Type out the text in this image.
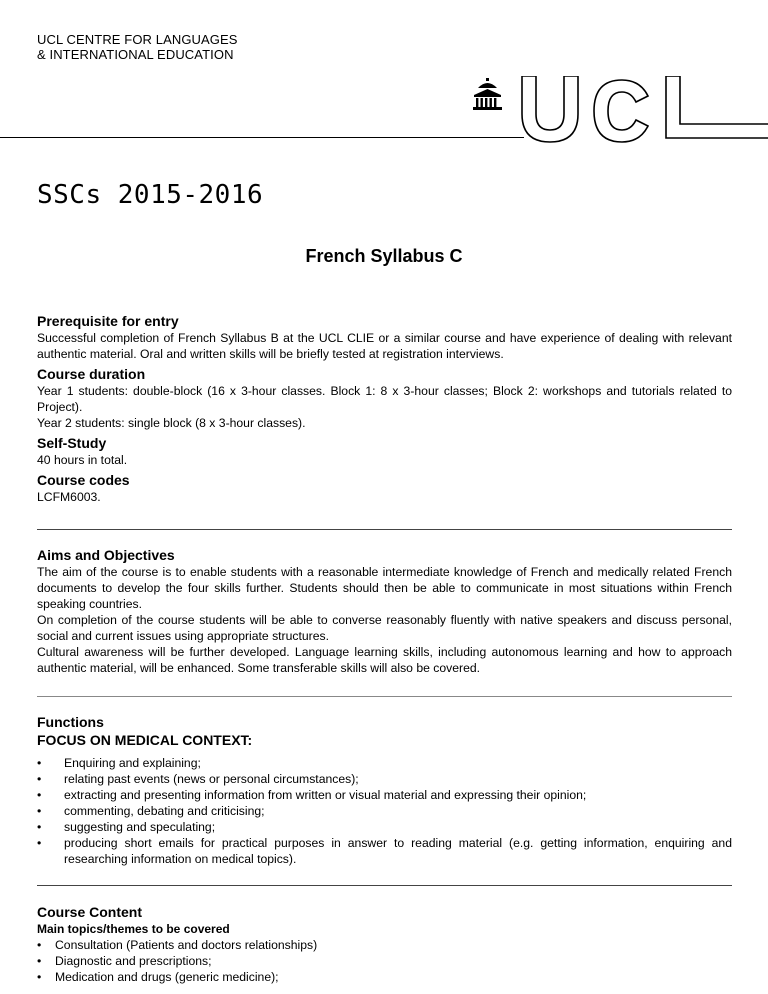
UCL CENTRE FOR LANGUAGES
& INTERNATIONAL EDUCATION
UCL
SSCs 2015-2016
French Syllabus C
Prerequisite for entry

Successful completion of French Syllabus B at the UCL CLIE or a similar course and have experience of dealing with relevant authentic material. Oral and written skills will be briefly tested at registration interviews.

Course duration

Year 1 students: double-block (16 x 3-hour classes. Block 1: 8 x 3-hour classes; Block 2: workshops and tutorials related to Project).

Year 2 students: single block (8 x 3-hour classes).

Self-Study

40 hours in total.

Course codes

LCFM6003.

Aims and Objectives

The aim of the course is to enable students with a reasonable intermediate knowledge of French and medically related French documents to develop the four skills further. Students should then be able to communicate in most situations within French speaking countries.

On completion of the course students will be able to converse reasonably fluently with native speakers and discuss personal, social and current issues using appropriate structures.

Cultural awareness will be further developed. Language learning skills, including autonomous learning and how to approach authentic material, will be enhanced. Some transferable skills will also be covered.

Functions
FOCUS ON MEDICAL CONTEXT:
• Enquiring and explaining;
• relating past events (news or personal circumstances);
• extracting and presenting information from written or visual material and expressing their opinion;
• commenting, debating and criticising;
• suggesting and speculating;
• producing short emails for practical purposes in answer to reading material (e.g. getting information, enquiring and researching information on medical topics).
Course Content
Main topics/themes to be covered
• Consultation (Patients and doctors relationships)
• Diagnostic and prescriptions;
• Medication and drugs (generic medicine);
